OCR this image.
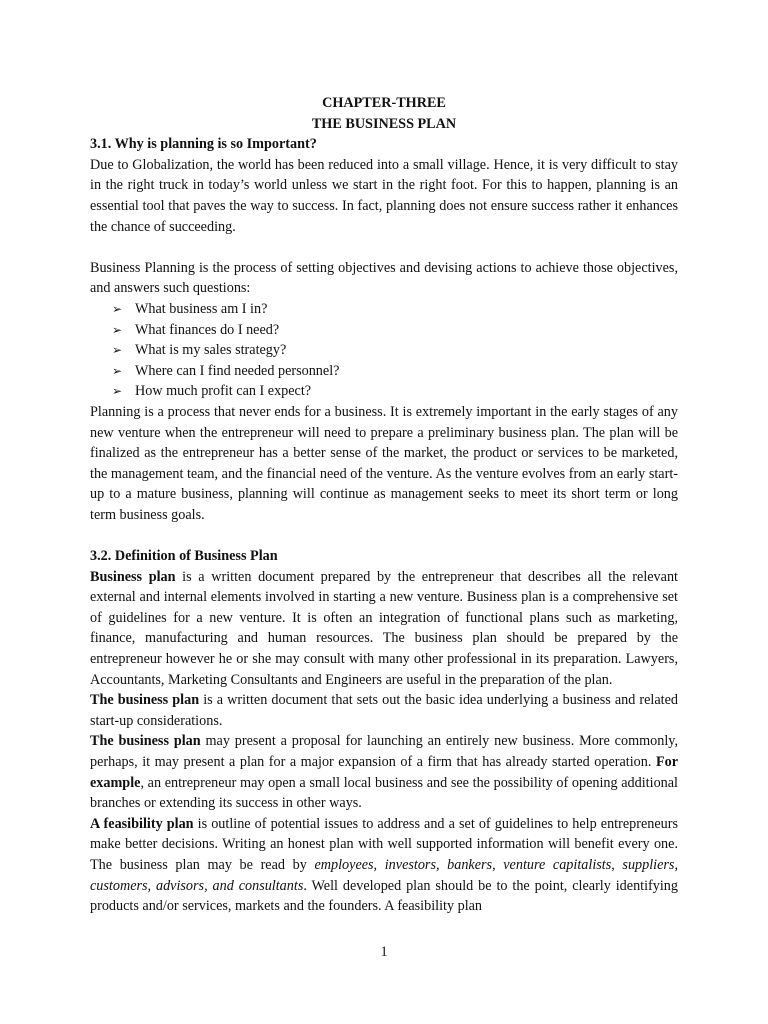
CHAPTER-THREE

THE BUSINESS PLAN

3.1. Why is planning is so Important?

Due to Globalization, the world has been reduced into a small village. Hence, it is very difficult to stay in the right truck in today’s world unless we start in the right foot. For this to happen, planning is an essential tool that paves the way to success. In fact, planning does not ensure success rather it enhances the chance of succeeding.

Business Planning is the process of setting objectives and devising actions to achieve those objectives, and answers such questions:

➢ What business am I in?
➢ What finances do I need?
➢ What is my sales strategy?
➢ Where can I find needed personnel?
➢ How much profit can I expect?

Planning is a process that never ends for a business. It is extremely important in the early stages of any new venture when the entrepreneur will need to prepare a preliminary business plan. The plan will be finalized as the entrepreneur has a better sense of the market, the product or services to be marketed, the management team, and the financial need of the venture. As the venture evolves from an early start-up to a mature business, planning will continue as management seeks to meet its short term or long term business goals.

3.2. Definition of Business Plan

Business plan is a written document prepared by the entrepreneur that describes all the relevant external and internal elements involved in starting a new venture. Business plan is a comprehensive set of guidelines for a new venture. It is often an integration of functional plans such as marketing, finance, manufacturing and human resources. The business plan should be prepared by the entrepreneur however he or she may consult with many other professional in its preparation. Lawyers, Accountants, Marketing Consultants and Engineers are useful in the preparation of the plan.

The business plan is a written document that sets out the basic idea underlying a business and related start-up considerations.

The business plan may present a proposal for launching an entirely new business. More commonly, perhaps, it may present a plan for a major expansion of a firm that has already started operation. For example, an entrepreneur may open a small local business and see the possibility of opening additional branches or extending its success in other ways.

A feasibility plan is outline of potential issues to address and a set of guidelines to help entrepreneurs make better decisions. Writing an honest plan with well supported information will benefit every one. The business plan may be read by employees, investors, bankers, venture capitalists, suppliers, customers, advisors, and consultants. Well developed plan should be to the point, clearly identifying products and/or services, markets and the founders. A feasibility plan

1
